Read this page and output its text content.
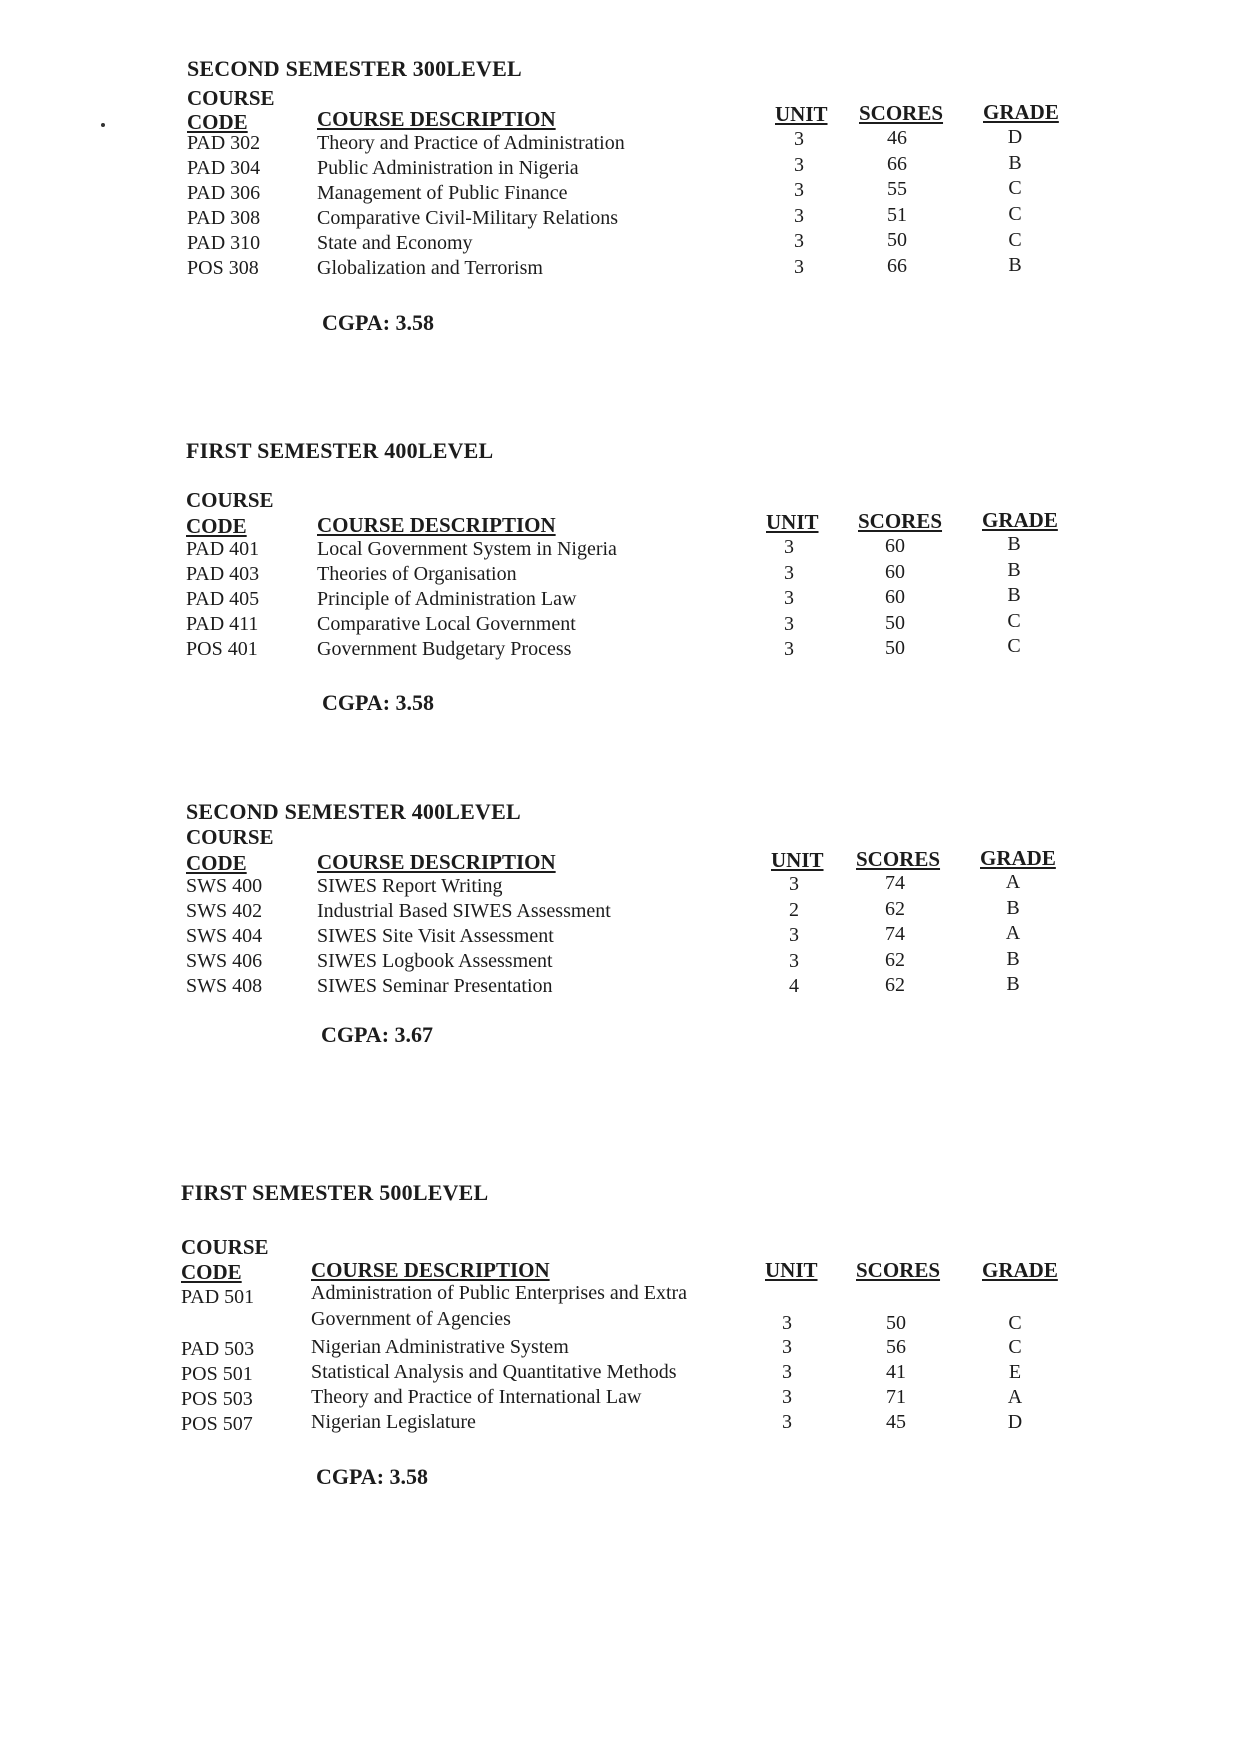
SECOND SEMESTER 300LEVEL
COURSE
CODE	COURSE DESCRIPTION	UNIT SCORES GRADE
PAD 302	Theory and Practice of Administration	3	46	D
PAD 304	Public Administration in Nigeria	3	66	B
PAD 306	Management of Public Finance	3	55	C
PAD 308	Comparative Civil-Military Relations	3	51	C
PAD 310	State and Economy	3	50	C
POS 308	Globalization and Terrorism	3	66	B
CGPA: 3.58
FIRST SEMESTER 400LEVEL
COURSE
CODE	COURSE DESCRIPTION	UNIT SCORES GRADE
PAD 401	Local Government System in Nigeria	3	60	B
PAD 403	Theories of Organisation	3	60	B
PAD 405	Principle of Administration Law	3	60	B
PAD 411	Comparative Local Government	3	50	C
POS 401	Government Budgetary Process	3	50	C
CGPA: 3.58
SECOND SEMESTER 400LEVEL
COURSE
CODE	COURSE DESCRIPTION	UNIT SCORES GRADE
SWS 400	SIWES Report Writing	3	74	A
SWS 402	Industrial Based SIWES Assessment	2	62	B
SWS 404	SIWES Site Visit Assessment	3	74	A
SWS 406	SIWES Logbook Assessment	3	62	B
SWS 408	SIWES Seminar Presentation	4	62	B
CGPA: 3.67
FIRST SEMESTER 500LEVEL
COURSE
CODE	COURSE DESCRIPTION	UNIT SCORES GRADE
PAD 501	Administration of Public Enterprises and Extra
Government of Agencies	3	50	C
PAD 503	Nigerian Administrative System	3	56	C
POS 501	Statistical Analysis and Quantitative Methods	3	41	E
POS 503	Theory and Practice of International Law	3	71	A
POS 507	Nigerian Legislature	3	45	D
CGPA: 3.58
